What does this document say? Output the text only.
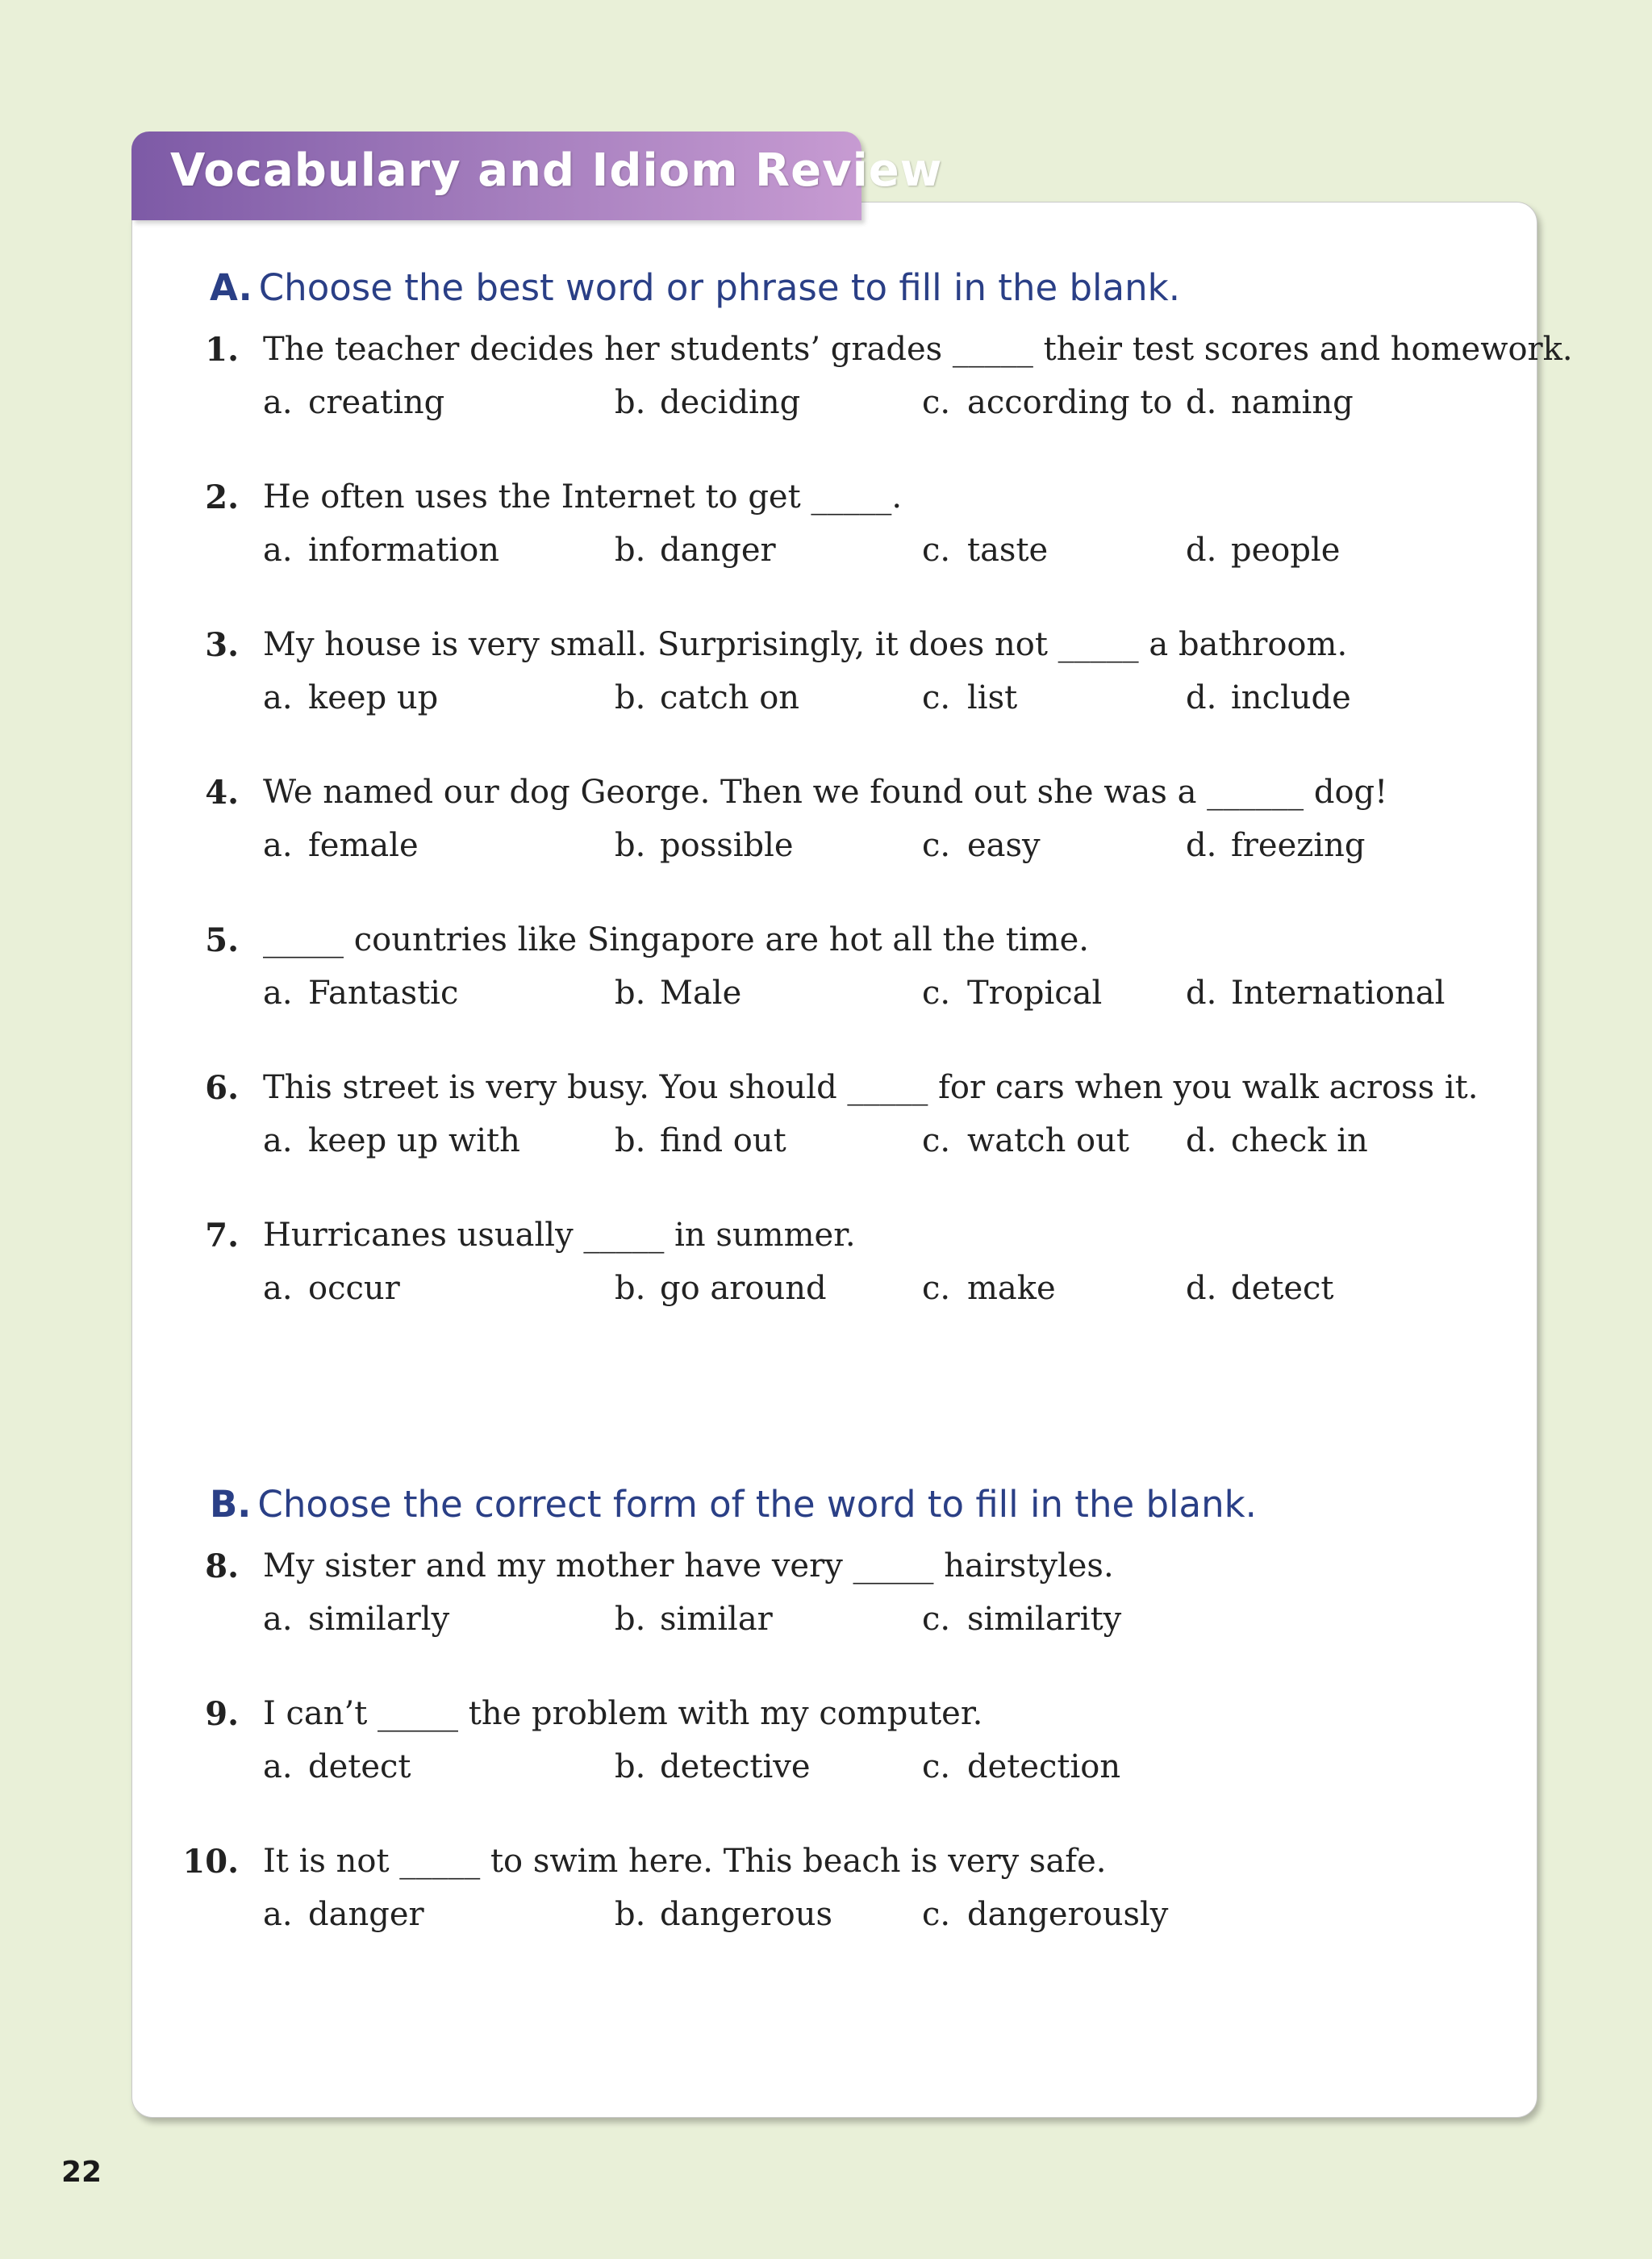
Vocabulary and Idiom Review
A. Choose the best word or phrase to fill in the blank.
B. Choose the correct form of the word to fill in the blank.
1. The teacher decides her students’ grades _____ their test scores and homework.
a. creating	b. deciding	c. according to d. naming
2. He often uses the Internet to get _____.
a. information	b. danger	c. taste	d. people
3. My house is very small. Surprisingly, it does not _____ a bathroom.
a. keep up	b. catch on	c. list	d. include
4. We named our dog George. Then we found out she was a ______ dog!
a. female	b. possible	c. easy	d. freezing
5. _____ countries like Singapore are hot all the time.
a. Fantastic	b. Male	c. Tropical	d. International
6. This street is very busy. You should _____ for cars when you walk across it.
a. keep up with	b. find out	c. watch out d. check in
7. Hurricanes usually _____ in summer.
a. occur	b. go around	c. make	d. detect
8. My sister and my mother have very _____ hairstyles.
a. similarly	b. similar	c. similarity
9. I can’t _____ the problem with my computer.
a. detect	b. detective	c. detection
10. It is not _____ to swim here. This beach is very safe.
a. danger	b. dangerous	c. dangerously
22
